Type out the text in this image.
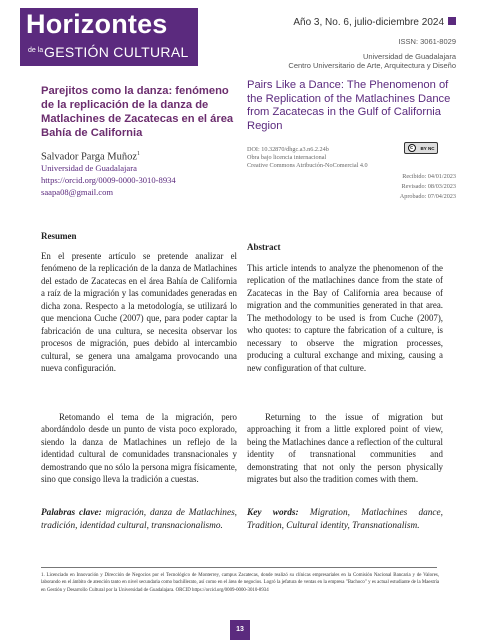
Horizontes
de la GESTIÓN CULTURAL
Año 3, No. 6, julio-diciembre 2024
ISSN: 3061-8029
Universidad de Guadalajara
Centro Universitario de Arte, Arquitectura y Diseño
Parejitos como la danza: fenómeno de la replicación de la danza de Matlachines de Zacatecas en el área Bahía de California
Pairs Like a Dance: The Phenomenon of the Replication of the Matlachines Dance from Zacatecas in the Gulf of California Region
Salvador Parga Muñoz$^1$
Universidad de Guadalajara
https://orcid.org/0009-0000-3010-8934
saapa08@gmail.com
DOI: 10.32870/dhgc.a3.n6.2.24b
Obra bajo licencia internacional
Creative Commons Atribución-NoComercial 4.0
c	BY NC
Recibido: 04/01/2023
Revisado: 08/03/2023
Aprobado: 07/04/2023
Resumen
En el presente artículo se pretende analizar el fenómeno de la replicación de la danza de Matlachines del estado de Zacatecas en el área Bahía de California a raíz de la migración y las comunidades generadas en dicha zona. Respecto a la metodología, se utilizará lo que menciona Cuche (2007) que, para poder captar la fabricación de una cultura, se necesita observar los procesos de migración, pues debido al intercambio cultural, se genera una amalgama provocando una nueva configuración.
Retomando el tema de la migración, pero abordándolo desde un punto de vista poco explorado, siendo la danza de Matlachines un reflejo de la identidad cultural de comunidades transnacionales y demostrando que no sólo la persona migra físicamente, sino que consigo lleva la tradición a cuestas.
Palabras clave: migración, danza de Matlachines, tradición, identidad cultural, transnacionalismo.
Abstract
This article intends to analyze the phenomenon of the replication of the matlachines dance from the state of Zacatecas in the Bay of California area because of migration and the communities generated in that area. The methodology to be used is from Cuche (2007), who quotes: to capture the fabrication of a culture, is necessary to observe the migration processes, producing a cultural exchange and mixing, causing a new configuration of that culture.
Returning to the issue of migration but approaching it from a little explored point of view, being the Matlachines dance a reflection of the cultural identity of transnational communities and demonstrating that not only the person physically migrates but also the tradition comes with them.
Key words: Migration, Matlachines dance, Tradition, Cultural identity, Transnationalism.
1. Licenciado en Innovación y Dirección de Negocios por el Tecnológico de Monterrey, campus Zacatecas, donde realizó su clínicas empresariales en la Comisión Nacional Bancaria y de Valores, laborando en el ámbito de atención tanto en nivel secundaria como bachillerato, así como en el área de negocios. Logró la jefatura de ventas en la empresa "Bachoco" y es actual estudiante de la Maestría en Gestión y Desarrollo Cultural por la Universidad de Guadalajara. ORCID https://orcid.org/0009-0000-3010-8934
13
